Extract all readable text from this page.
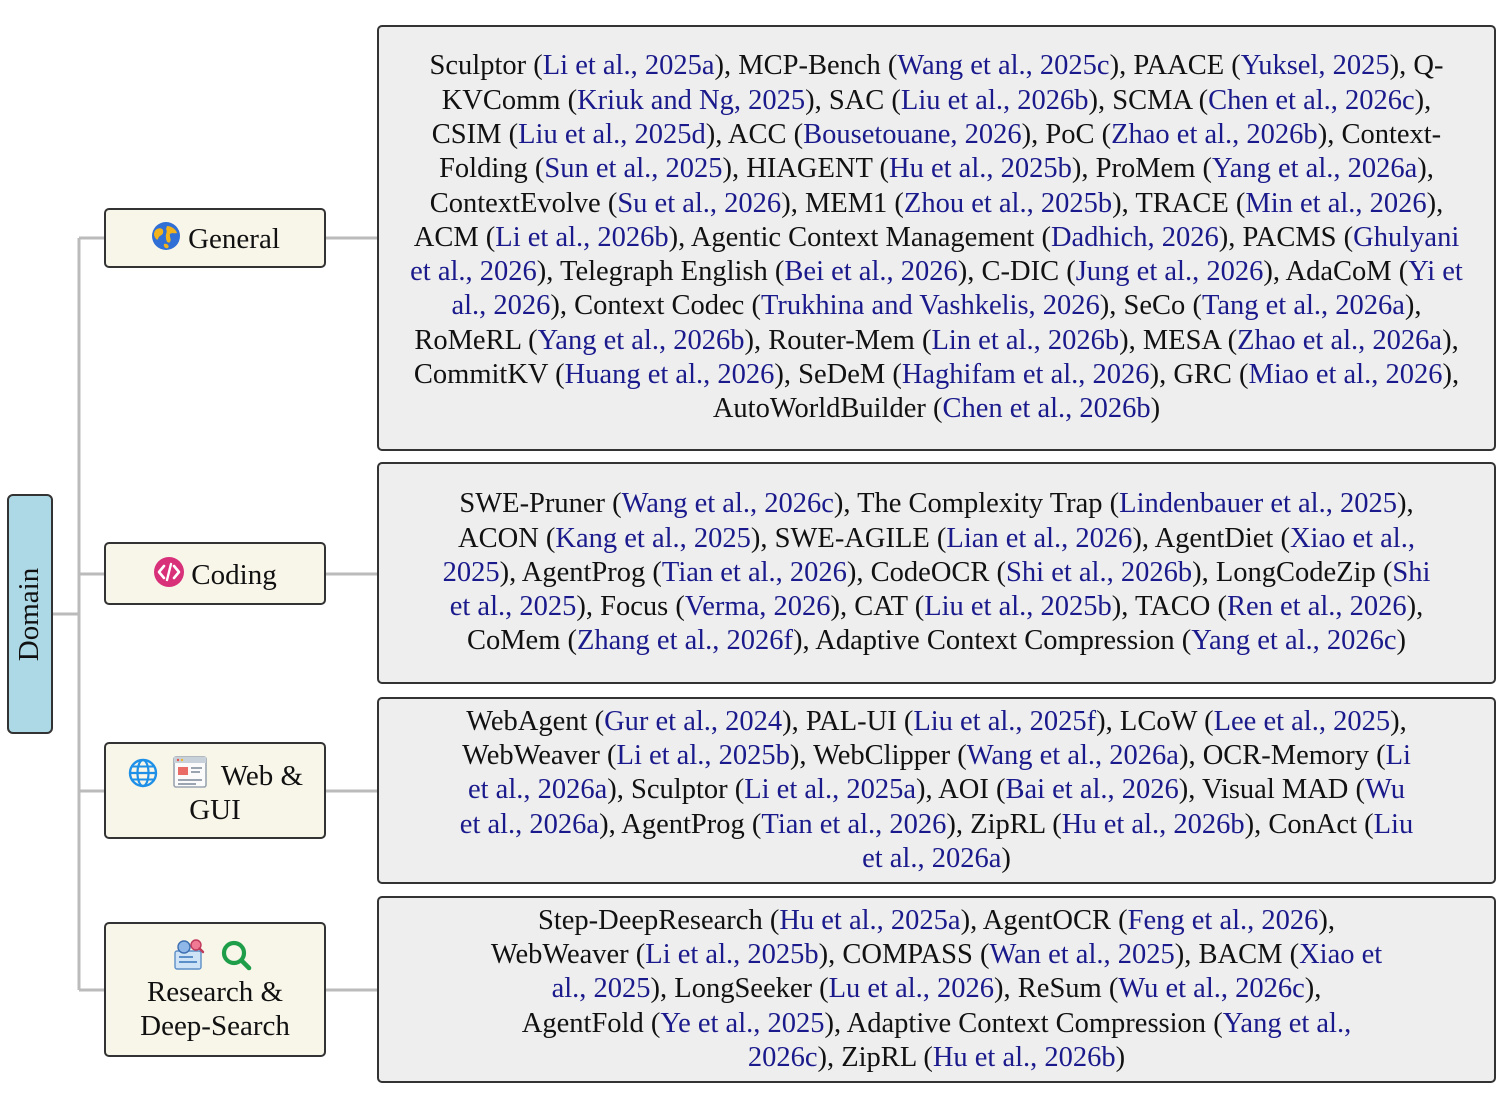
Domain
General
Coding
Web & GUI
Research & Deep-Search
Sculptor (Li et al., 2025a), MCP-Bench (Wang et al., 2025c), PAACE (Yuksel, 2025), Q-KVComm (Kriuk and Ng, 2025), SAC (Liu et al., 2026b), SCMA (Chen et al., 2026c), CSIM (Liu et al., 2025d), ACC (Bousetouane, 2026), PoC (Zhao et al., 2026b), Context-Folding (Sun et al., 2025), HIAGENT (Hu et al., 2025b), ProMem (Yang et al., 2026a), ContextEvolve (Su et al., 2026), MEM1 (Zhou et al., 2025b), TRACE (Min et al., 2026), ACM (Li et al., 2026b), Agentic Context Management (Dadhich, 2026), PACMS (Ghulyani et al., 2026), Telegraph English (Bei et al., 2026), C-DIC (Jung et al., 2026), AdaCoM (Yi et al., 2026), Context Codec (Trukhina and Vashkelis, 2026), SeCo (Tang et al., 2026a), RoMeRL (Yang et al., 2026b), Router-Mem (Lin et al., 2026b), MESA (Zhao et al., 2026a), CommitKV (Huang et al., 2026), SeDeM (Haghifam et al., 2026), GRC (Miao et al., 2026), AutoWorldBuilder (Chen et al., 2026b)
SWE-Pruner (Wang et al., 2026c), The Complexity Trap (Lindenbauer et al., 2025), ACON (Kang et al., 2025), SWE-AGILE (Lian et al., 2026), AgentDiet (Xiao et al., 2025), AgentProg (Tian et al., 2026), CodeOCR (Shi et al., 2026b), LongCodeZip (Shi et al., 2025), Focus (Verma, 2026), CAT (Liu et al., 2025b), TACO (Ren et al., 2026), CoMem (Zhang et al., 2026f), Adaptive Context Compression (Yang et al., 2026c)
WebAgent (Gur et al., 2024), PAL-UI (Liu et al., 2025f), LCoW (Lee et al., 2025), WebWeaver (Li et al., 2025b), WebClipper (Wang et al., 2026a), OCR-Memory (Li et al., 2026a), Sculptor (Li et al., 2025a), AOI (Bai et al., 2026), Visual MAD (Wu et al., 2026a), AgentProg (Tian et al., 2026), ZipRL (Hu et al., 2026b), ConAct (Liu et al., 2026a)
Step-DeepResearch (Hu et al., 2025a), AgentOCR (Feng et al., 2026), WebWeaver (Li et al., 2025b), COMPASS (Wan et al., 2025), BACM (Xiao et al., 2025), LongSeeker (Lu et al., 2026), ReSum (Wu et al., 2026c), AgentFold (Ye et al., 2025), Adaptive Context Compression (Yang et al., 2026c), ZipRL (Hu et al., 2026b)
